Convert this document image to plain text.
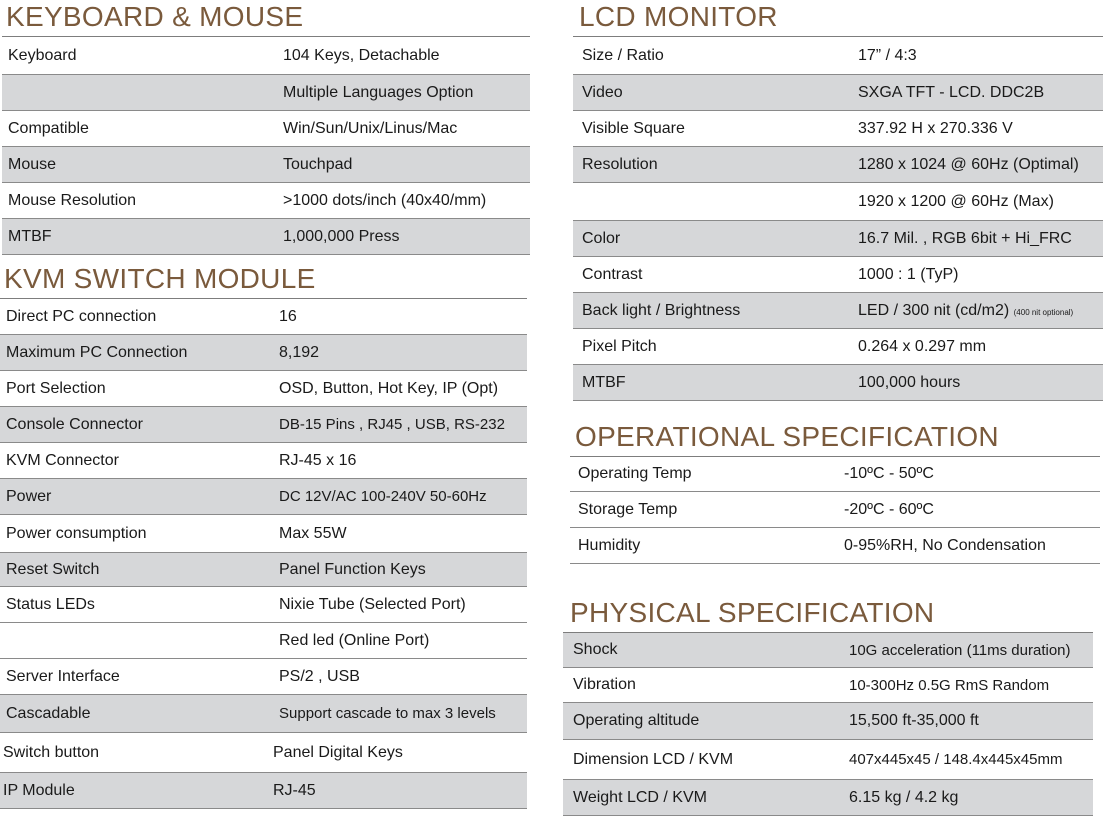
KEYBOARD & MOUSE
Keyboard	104 Keys, Detachable
Multiple Languages Option
Compatible	Win/Sun/Unix/Linus/Mac
Mouse	Touchpad
Mouse Resolution	>1000 dots/inch (40x40/mm)
MTBF	1,000,000 Press
KVM SWITCH MODULE
Direct PC connection	16
Maximum PC Connection	8,192
Port Selection	OSD, Button, Hot Key, IP (Opt)
Console Connector	DB-15 Pins , RJ45 , USB, RS-232
KVM Connector	RJ-45 x 16
Power	DC 12V/AC 100-240V 50-60Hz
Power consumption	Max 55W
Reset Switch	Panel Function Keys
Status LEDs	Nixie Tube (Selected Port)
Red led (Online Port)
Server Interface	PS/2 , USB
Cascadable	Support cascade to max 3 levels
Switch button	Panel Digital Keys
IP Module	RJ-45
LCD MONITOR
Size / Ratio	17” / 4:3
Video	SXGA TFT - LCD. DDC2B
Visible Square	337.92 H x 270.336 V
Resolution	1280 x 1024 @ 60Hz (Optimal)
1920 x 1200 @ 60Hz (Max)
Color	16.7 Mil. , RGB 6bit + Hi_FRC
Contrast	1000 : 1 (TyP)
Back light / Brightness	LED / 300 nit (cd/m2) (400 nit optional)
Pixel Pitch	0.264 x 0.297 mm
MTBF	100,000 hours
OPERATIONAL SPECIFICATION
Operating Temp	-10ºC - 50ºC
Storage Temp	-20ºC - 60ºC
Humidity	0-95%RH, No Condensation
PHYSICAL SPECIFICATION
Shock	10G acceleration (11ms duration)
Vibration	10-300Hz 0.5G RmS Random
Operating altitude	15,500 ft-35,000 ft
Dimension LCD / KVM	407x445x45 / 148.4x445x45mm
Weight LCD / KVM	6.15 kg / 4.2 kg
